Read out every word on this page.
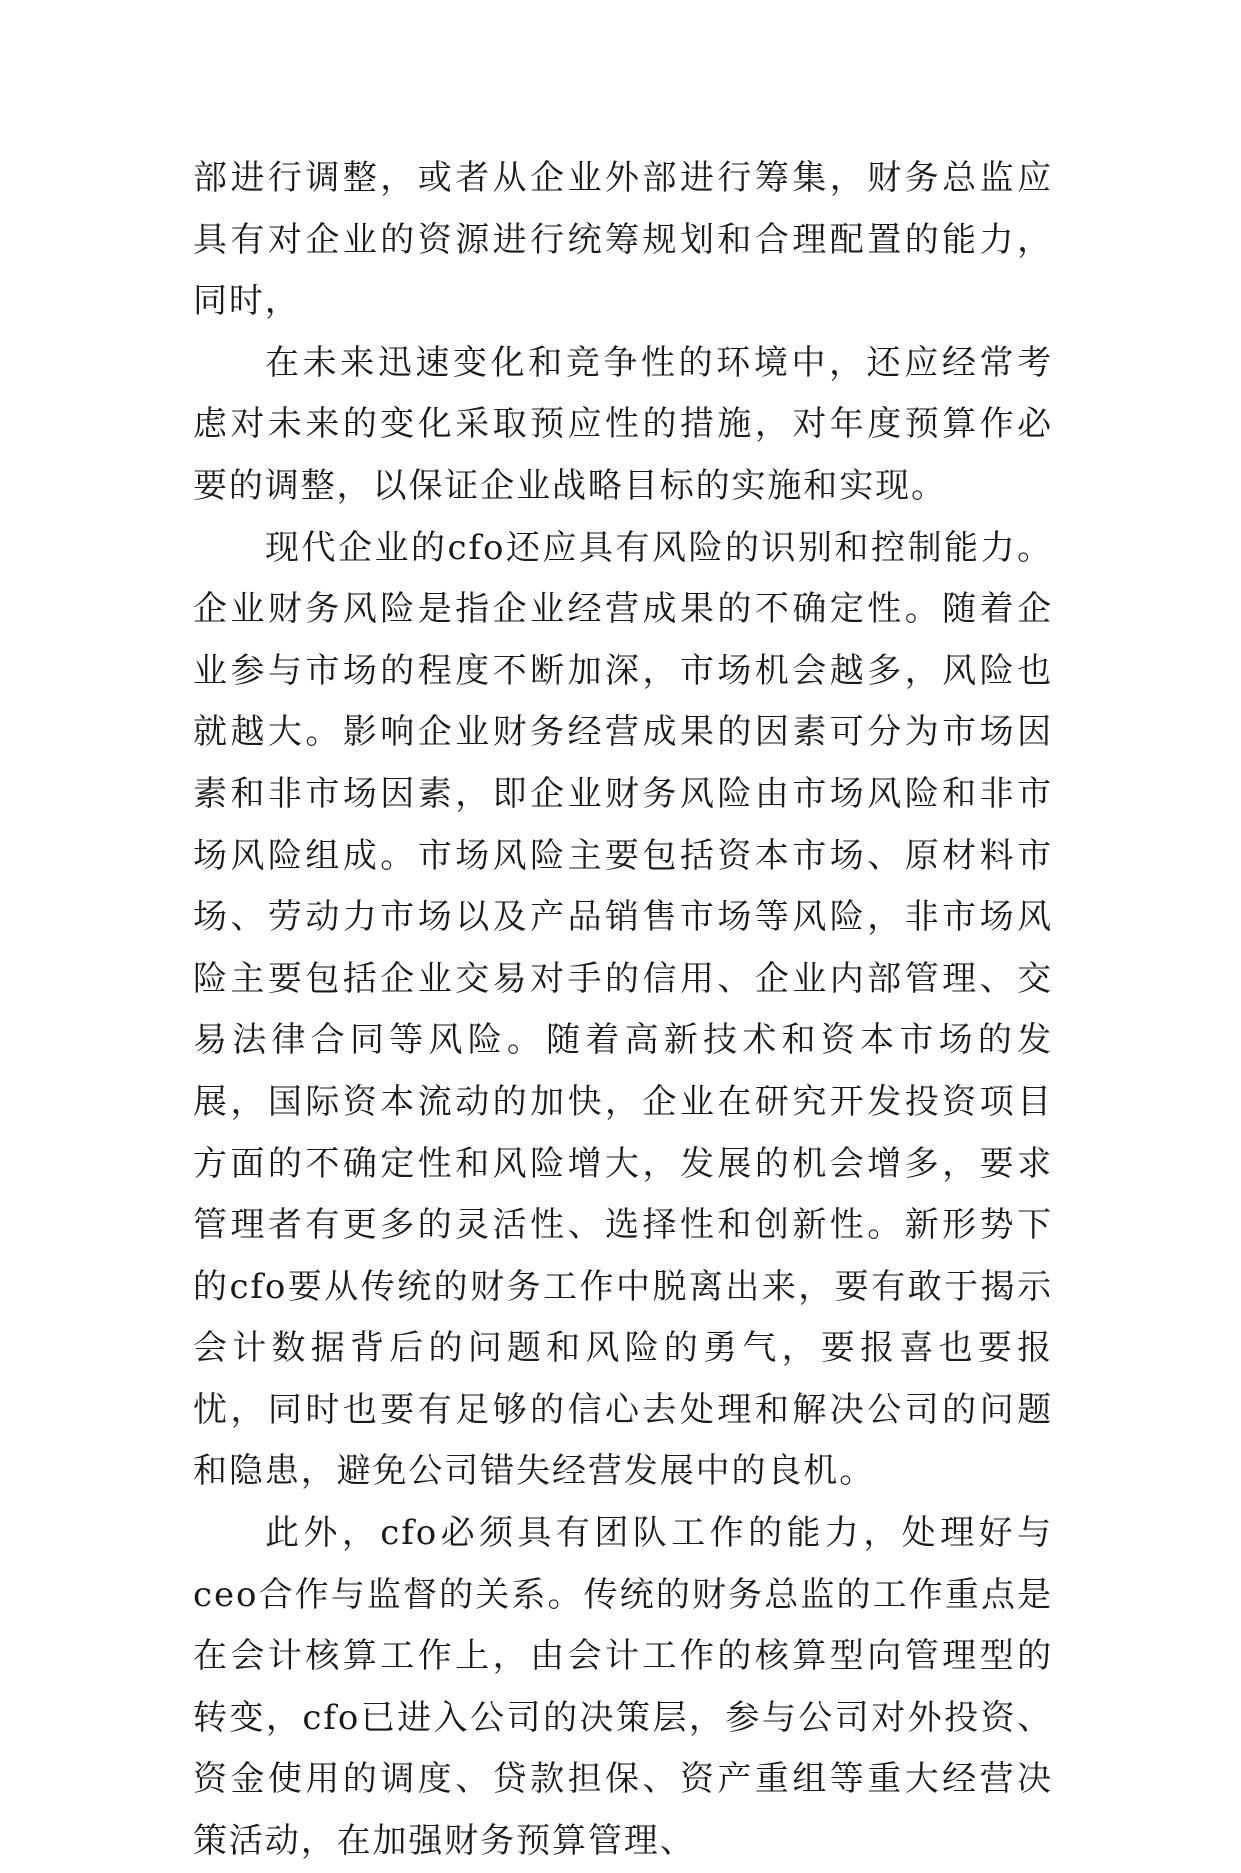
部进行调整，或者从企业外部进行筹集，财务总监应具有对企业的资源进行统筹规划和合理配置的能力，同时，

在未来迅速变化和竞争性的环境中，还应经常考虑对未来的变化采取预应性的措施，对年度预算作必要的调整，以保证企业战略目标的实施和实现。

现代企业的cfo还应具有风险的识别和控制能力。企业财务风险是指企业经营成果的不确定性。随着企业参与市场的程度不断加深，市场机会越多，风险也就越大。影响企业财务经营成果的因素可分为市场因素和非市场因素，即企业财务风险由市场风险和非市场风险组成。市场风险主要包括资本市场、原材料市场、劳动力市场以及产品销售市场等风险，非市场风险主要包括企业交易对手的信用、企业内部管理、交易法律合同等风险。随着高新技术和资本市场的发展，国际资本流动的加快，企业在研究开发投资项目方面的不确定性和风险增大，发展的机会增多，要求管理者有更多的灵活性、选择性和创新性。新形势下的cfo要从传统的财务工作中脱离出来，要有敢于揭示会计数据背后的问题和风险的勇气，要报喜也要报忧，同时也要有足够的信心去处理和解决公司的问题和隐患，避免公司错失经营发展中的良机。

此外，cfo必须具有团队工作的能力，处理好与ceo合作与监督的关系。传统的财务总监的工作重点是在会计核算工作上，由会计工作的核算型向管理型的转变，cfo已进入公司的决策层，参与公司对外投资、资金使用的调度、贷款担保、资产重组等重大经营决策活动，在加强财务预算管理、
